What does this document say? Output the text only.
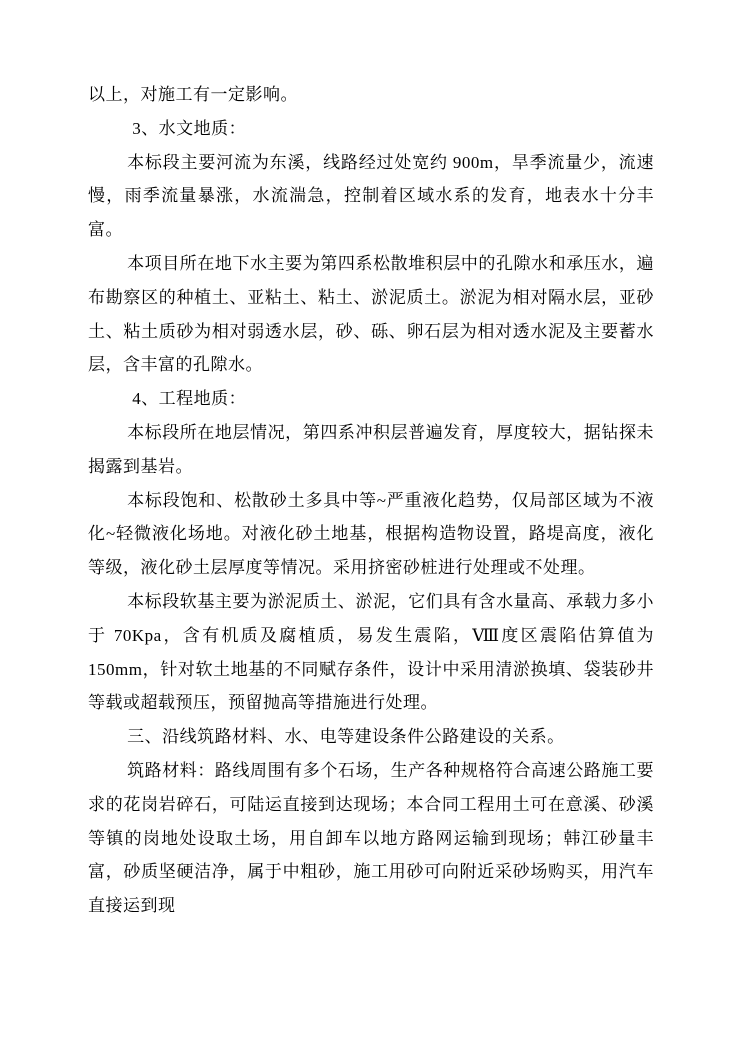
以上，对施工有一定影响。

3、水文地质：

本标段主要河流为东溪，线路经过处宽约 900m，旱季流量少，流速慢，雨季流量暴涨，水流湍急，控制着区域水系的发育，地表水十分丰富。

本项目所在地下水主要为第四系松散堆积层中的孔隙水和承压水，遍布勘察区的种植土、亚粘土、粘土、淤泥质土。淤泥为相对隔水层，亚砂土、粘土质砂为相对弱透水层，砂、砾、卵石层为相对透水泥及主要蓄水层，含丰富的孔隙水。

4、工程地质：

本标段所在地层情况，第四系冲积层普遍发育，厚度较大，据钻探未揭露到基岩。

本标段饱和、松散砂土多具中等~严重液化趋势，仅局部区域为不液化~轻微液化场地。对液化砂土地基，根据构造物设置，路堤高度，液化等级，液化砂土层厚度等情况。采用挤密砂桩进行处理或不处理。

本标段软基主要为淤泥质土、淤泥，它们具有含水量高、承载力多小于 70Kpa，含有机质及腐植质，易发生震陷，Ⅷ度区震陷估算值为 150mm，针对软土地基的不同赋存条件，设计中采用清淤换填、袋装砂井等载或超载预压，预留抛高等措施进行处理。

三、沿线筑路材料、水、电等建设条件公路建设的关系。

筑路材料：路线周围有多个石场，生产各种规格符合高速公路施工要求的花岗岩碎石，可陆运直接到达现场；本合同工程用土可在意溪、砂溪等镇的岗地处设取土场，用自卸车以地方路网运输到现场；韩江砂量丰富，砂质坚硬洁净，属于中粗砂，施工用砂可向附近采砂场购买，用汽车直接运到现
